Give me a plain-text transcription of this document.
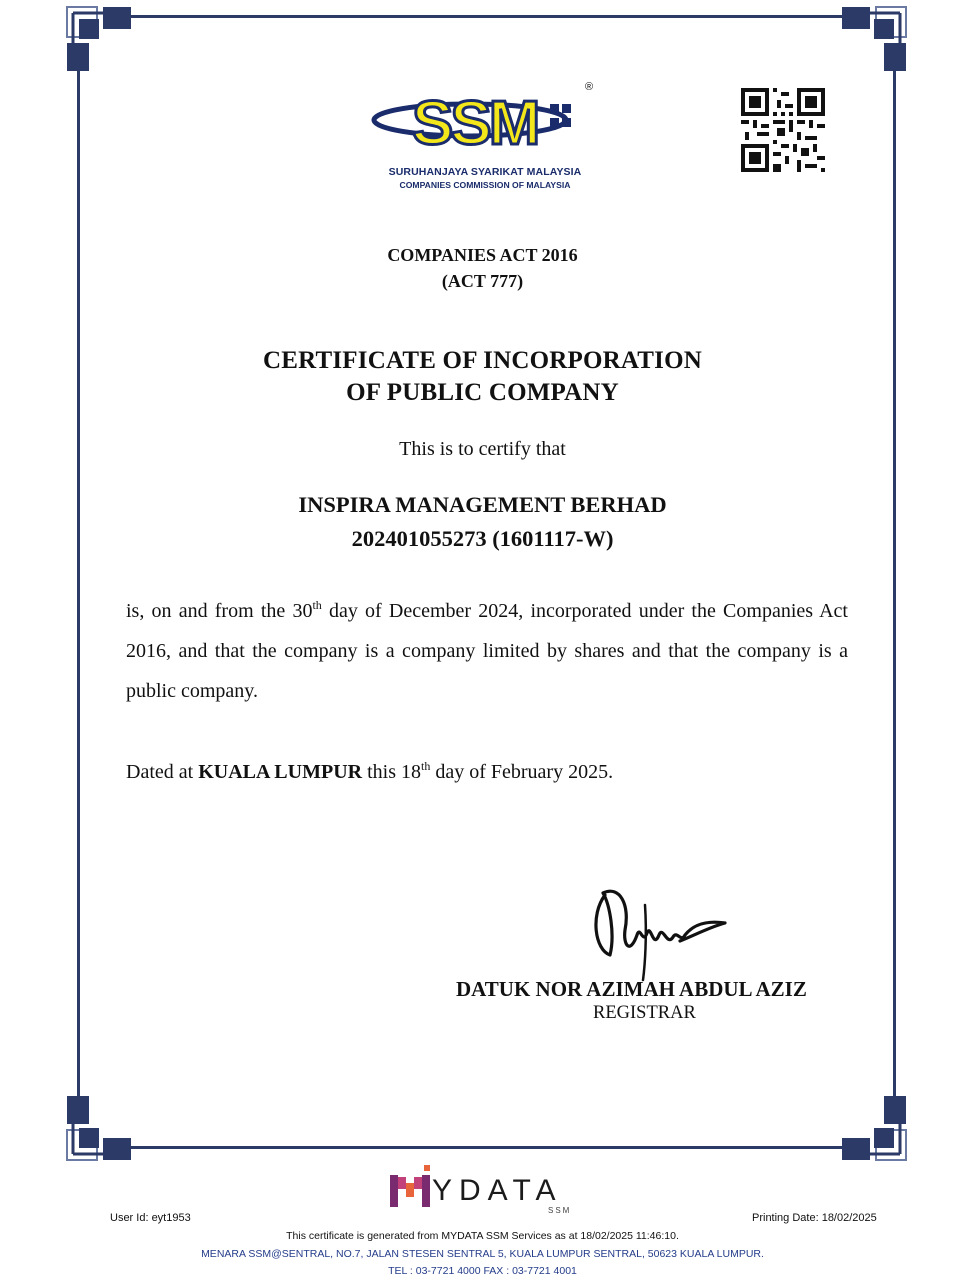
SSM
®
SURUHANJAYA SYARIKAT MALAYSIA
COMPANIES COMMISSION OF MALAYSIA
COMPANIES ACT 2016
(ACT 777)
CERTIFICATE OF INCORPORATION
OF PUBLIC COMPANY
This is to certify that
INSPIRA MANAGEMENT BERHAD
202401055273 (1601117-W)
is, on and from the 30th day of December 2024, incorporated under the Companies Act 2016, and that the company is a company limited by shares and that the company is a public company.
Dated at KUALA LUMPUR this 18th day of February 2025.
DATUK NOR AZIMAH ABDUL AZIZ
REGISTRAR
YDATA
SSM
User Id: eyt1953	Printing Date: 18/02/2025
This certificate is generated from MYDATA SSM Services as at 18/02/2025 11:46:10.
MENARA SSM@SENTRAL, NO.7, JALAN STESEN SENTRAL 5, KUALA LUMPUR SENTRAL, 50623 KUALA LUMPUR.
TEL : 03-7721 4000 FAX : 03-7721 4001
